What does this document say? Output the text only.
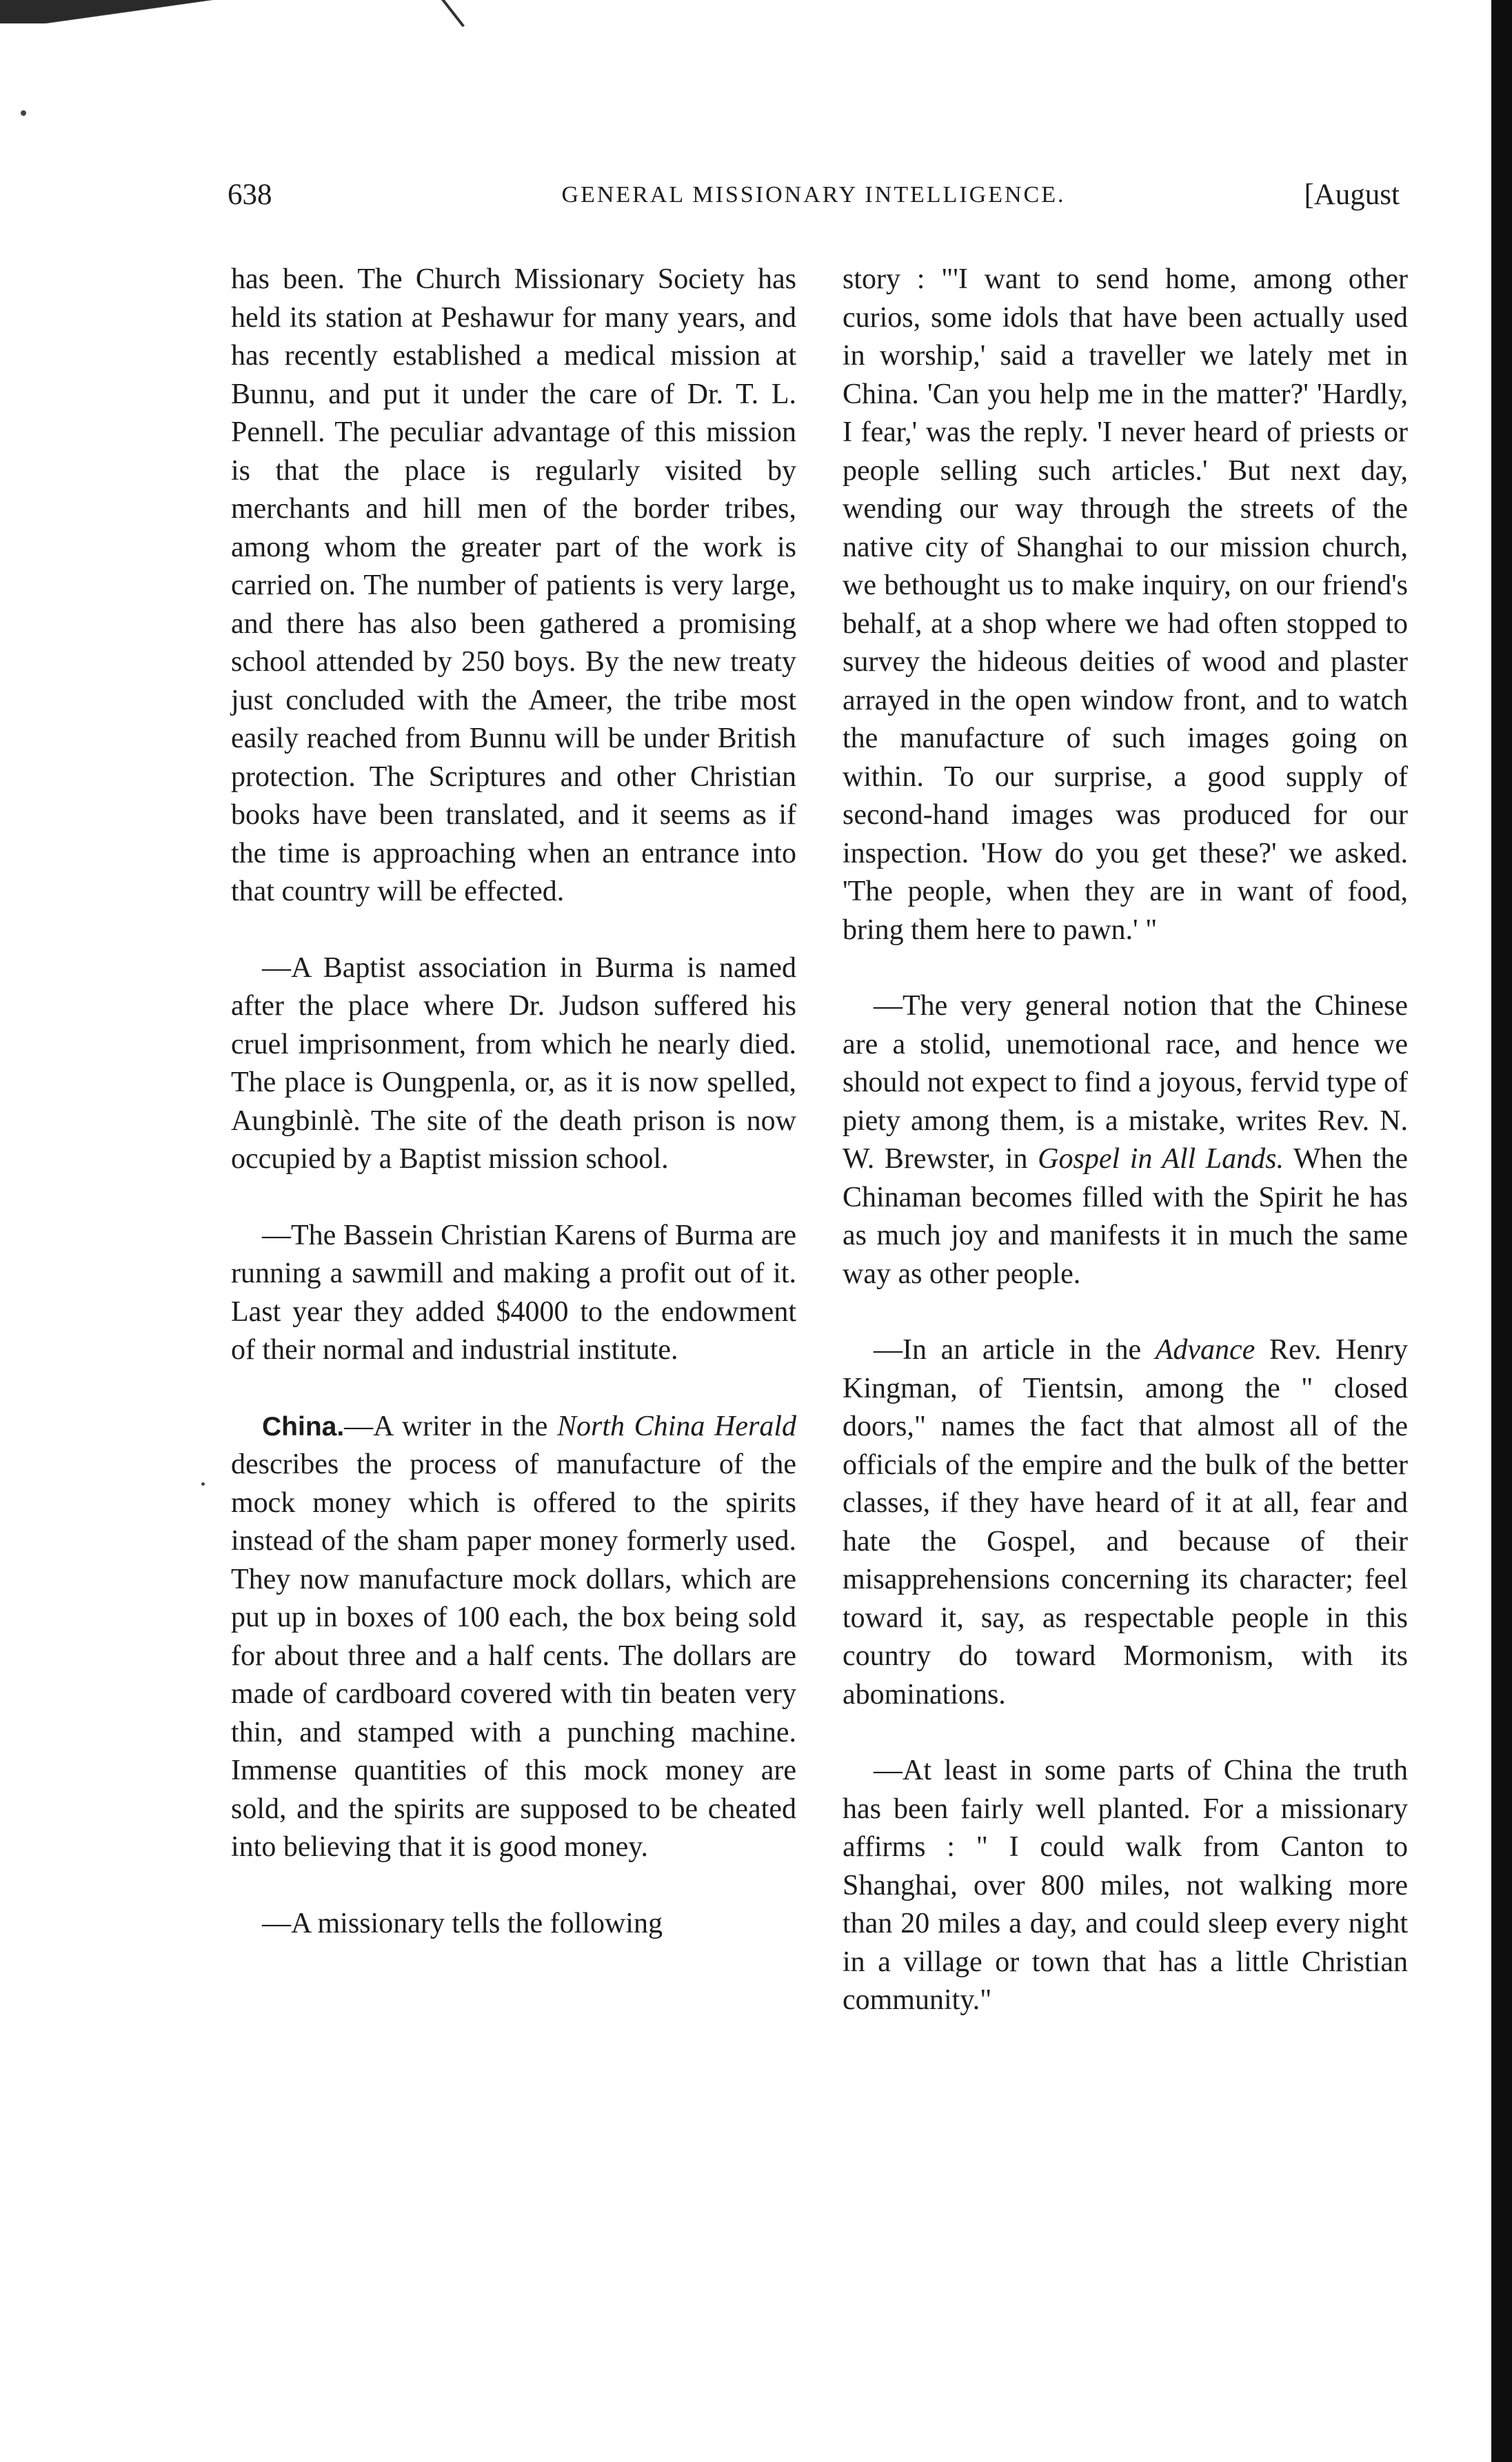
638	GENERAL MISSIONARY INTELLIGENCE.	[August

has been. The Church Missionary Society has held its station at Peshawur for many years, and has recently established a medical mission at Bunnu, and put it under the care of Dr. T. L. Pennell. The peculiar advantage of this mission is that the place is regularly visited by merchants and hill men of the border tribes, among whom the greater part of the work is carried on. The number of patients is very large, and there has also been gathered a promising school attended by 250 boys. By the new treaty just concluded with the Ameer, the tribe most easily reached from Bunnu will be under British protection. The Scriptures and other Christian books have been translated, and it seems as if the time is approaching when an entrance into that country will be effected.

—A Baptist association in Burma is named after the place where Dr. Judson suffered his cruel imprisonment, from which he nearly died. The place is Oungpenla, or, as it is now spelled, Aungbinlè. The site of the death prison is now occupied by a Baptist mission school.

—The Bassein Christian Karens of Burma are running a sawmill and making a profit out of it. Last year they added $4000 to the endowment of their normal and industrial institute.

China.—A writer in the North China Herald describes the process of manufacture of the mock money which is offered to the spirits instead of the sham paper money formerly used. They now manufacture mock dollars, which are put up in boxes of 100 each, the box being sold for about three and a half cents. The dollars are made of cardboard covered with tin beaten very thin, and stamped with a punching machine. Immense quantities of this mock money are sold, and the spirits are supposed to be cheated into believing that it is good money.

—A missionary tells the following

story : "'I want to send home, among other curios, some idols that have been actually used in worship,' said a traveller we lately met in China. 'Can you help me in the matter?' 'Hardly, I fear,' was the reply. 'I never heard of priests or people selling such articles.' But next day, wending our way through the streets of the native city of Shanghai to our mission church, we bethought us to make inquiry, on our friend's behalf, at a shop where we had often stopped to survey the hideous deities of wood and plaster arrayed in the open window front, and to watch the manufacture of such images going on within. To our surprise, a good supply of second-hand images was produced for our inspection. 'How do you get these?' we asked. 'The people, when they are in want of food, bring them here to pawn.' "

—The very general notion that the Chinese are a stolid, unemotional race, and hence we should not expect to find a joyous, fervid type of piety among them, is a mistake, writes Rev. N. W. Brewster, in Gospel in All Lands. When the Chinaman becomes filled with the Spirit he has as much joy and manifests it in much the same way as other people.

—In an article in the Advance Rev. Henry Kingman, of Tientsin, among the " closed doors," names the fact that almost all of the officials of the empire and the bulk of the better classes, if they have heard of it at all, fear and hate the Gospel, and because of their misapprehensions concerning its character; feel toward it, say, as respectable people in this country do toward Mormonism, with its abominations.

—At least in some parts of China the truth has been fairly well planted. For a missionary affirms : " I could walk from Canton to Shanghai, over 800 miles, not walking more than 20 miles a day, and could sleep every night in a village or town that has a little Christian community."
